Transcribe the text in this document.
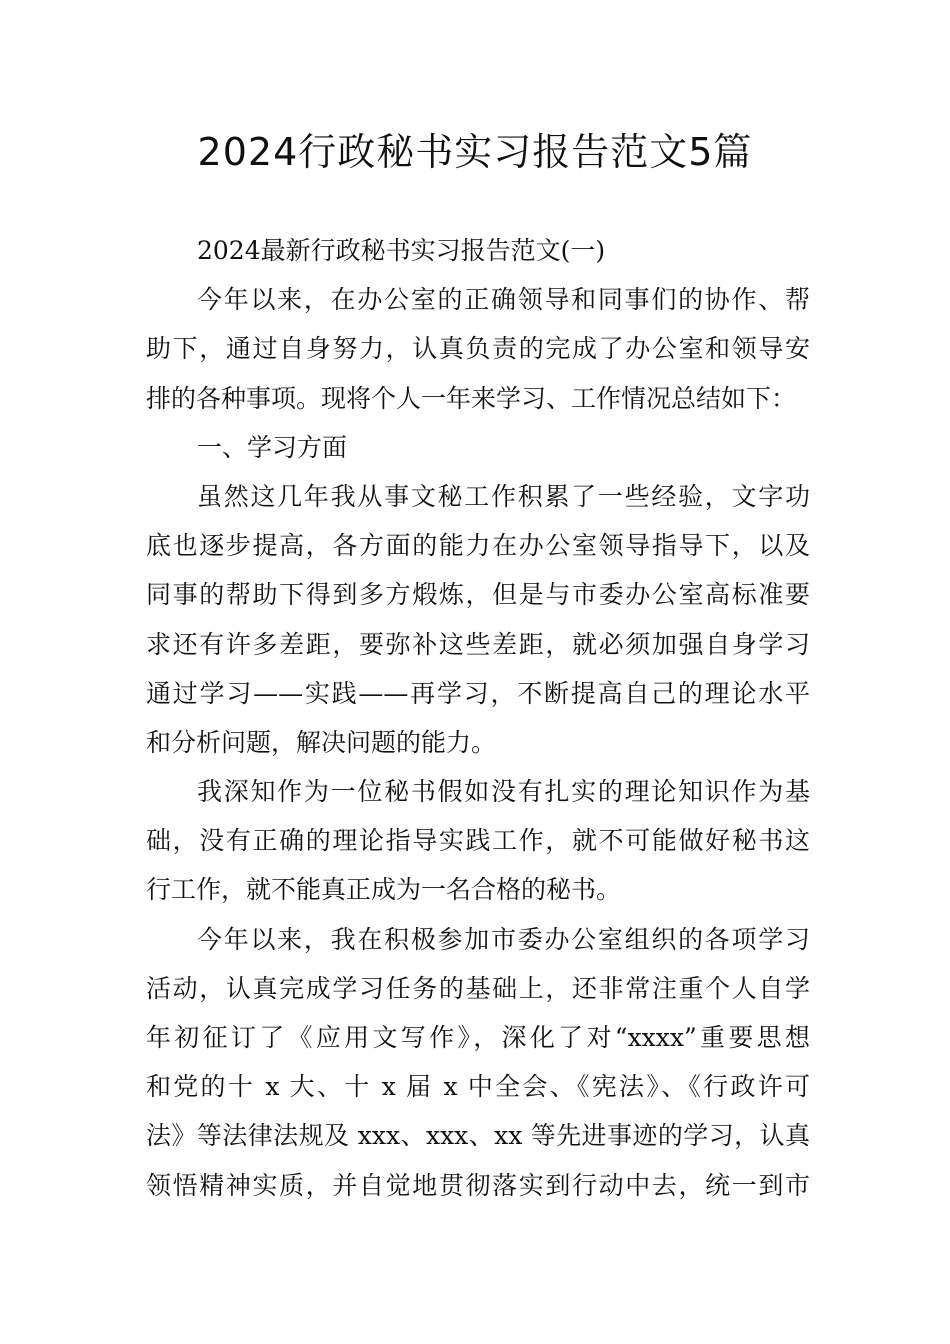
2024行政秘书实习报告范文5篇
2024最新行政秘书实习报告范文(一)
今年以来，在办公室的正确领导和同事们的协作、帮
助下，通过自身努力，认真负责的完成了办公室和领导安
排的各种事项。现将个人一年来学习、工作情况总结如下：
一、学习方面
虽然这几年我从事文秘工作积累了一些经验，文字功
底也逐步提高，各方面的能力在办公室领导指导下，以及
同事的帮助下得到多方煅炼，但是与市委办公室高标准要
求还有许多差距，要弥补这些差距，就必须加强自身学习
通过学习——实践——再学习，不断提高自己的理论水平
和分析问题，解决问题的能力。
我深知作为一位秘书假如没有扎实的理论知识作为基
础，没有正确的理论指导实践工作，就不可能做好秘书这
行工作，就不能真正成为一名合格的秘书。
今年以来，我在积极参加市委办公室组织的各项学习
活动，认真完成学习任务的基础上，还非常注重个人自学
年初征订了《应用文写作》，深化了对“xxxx”重要思想
和党的十 x 大、十 x 届 x 中全会、《宪法》、《行政许可
法》等法律法规及 xxx、xxx、xx 等先进事迹的学习，认真
领悟精神实质，并自觉地贯彻落实到行动中去，统一到市
